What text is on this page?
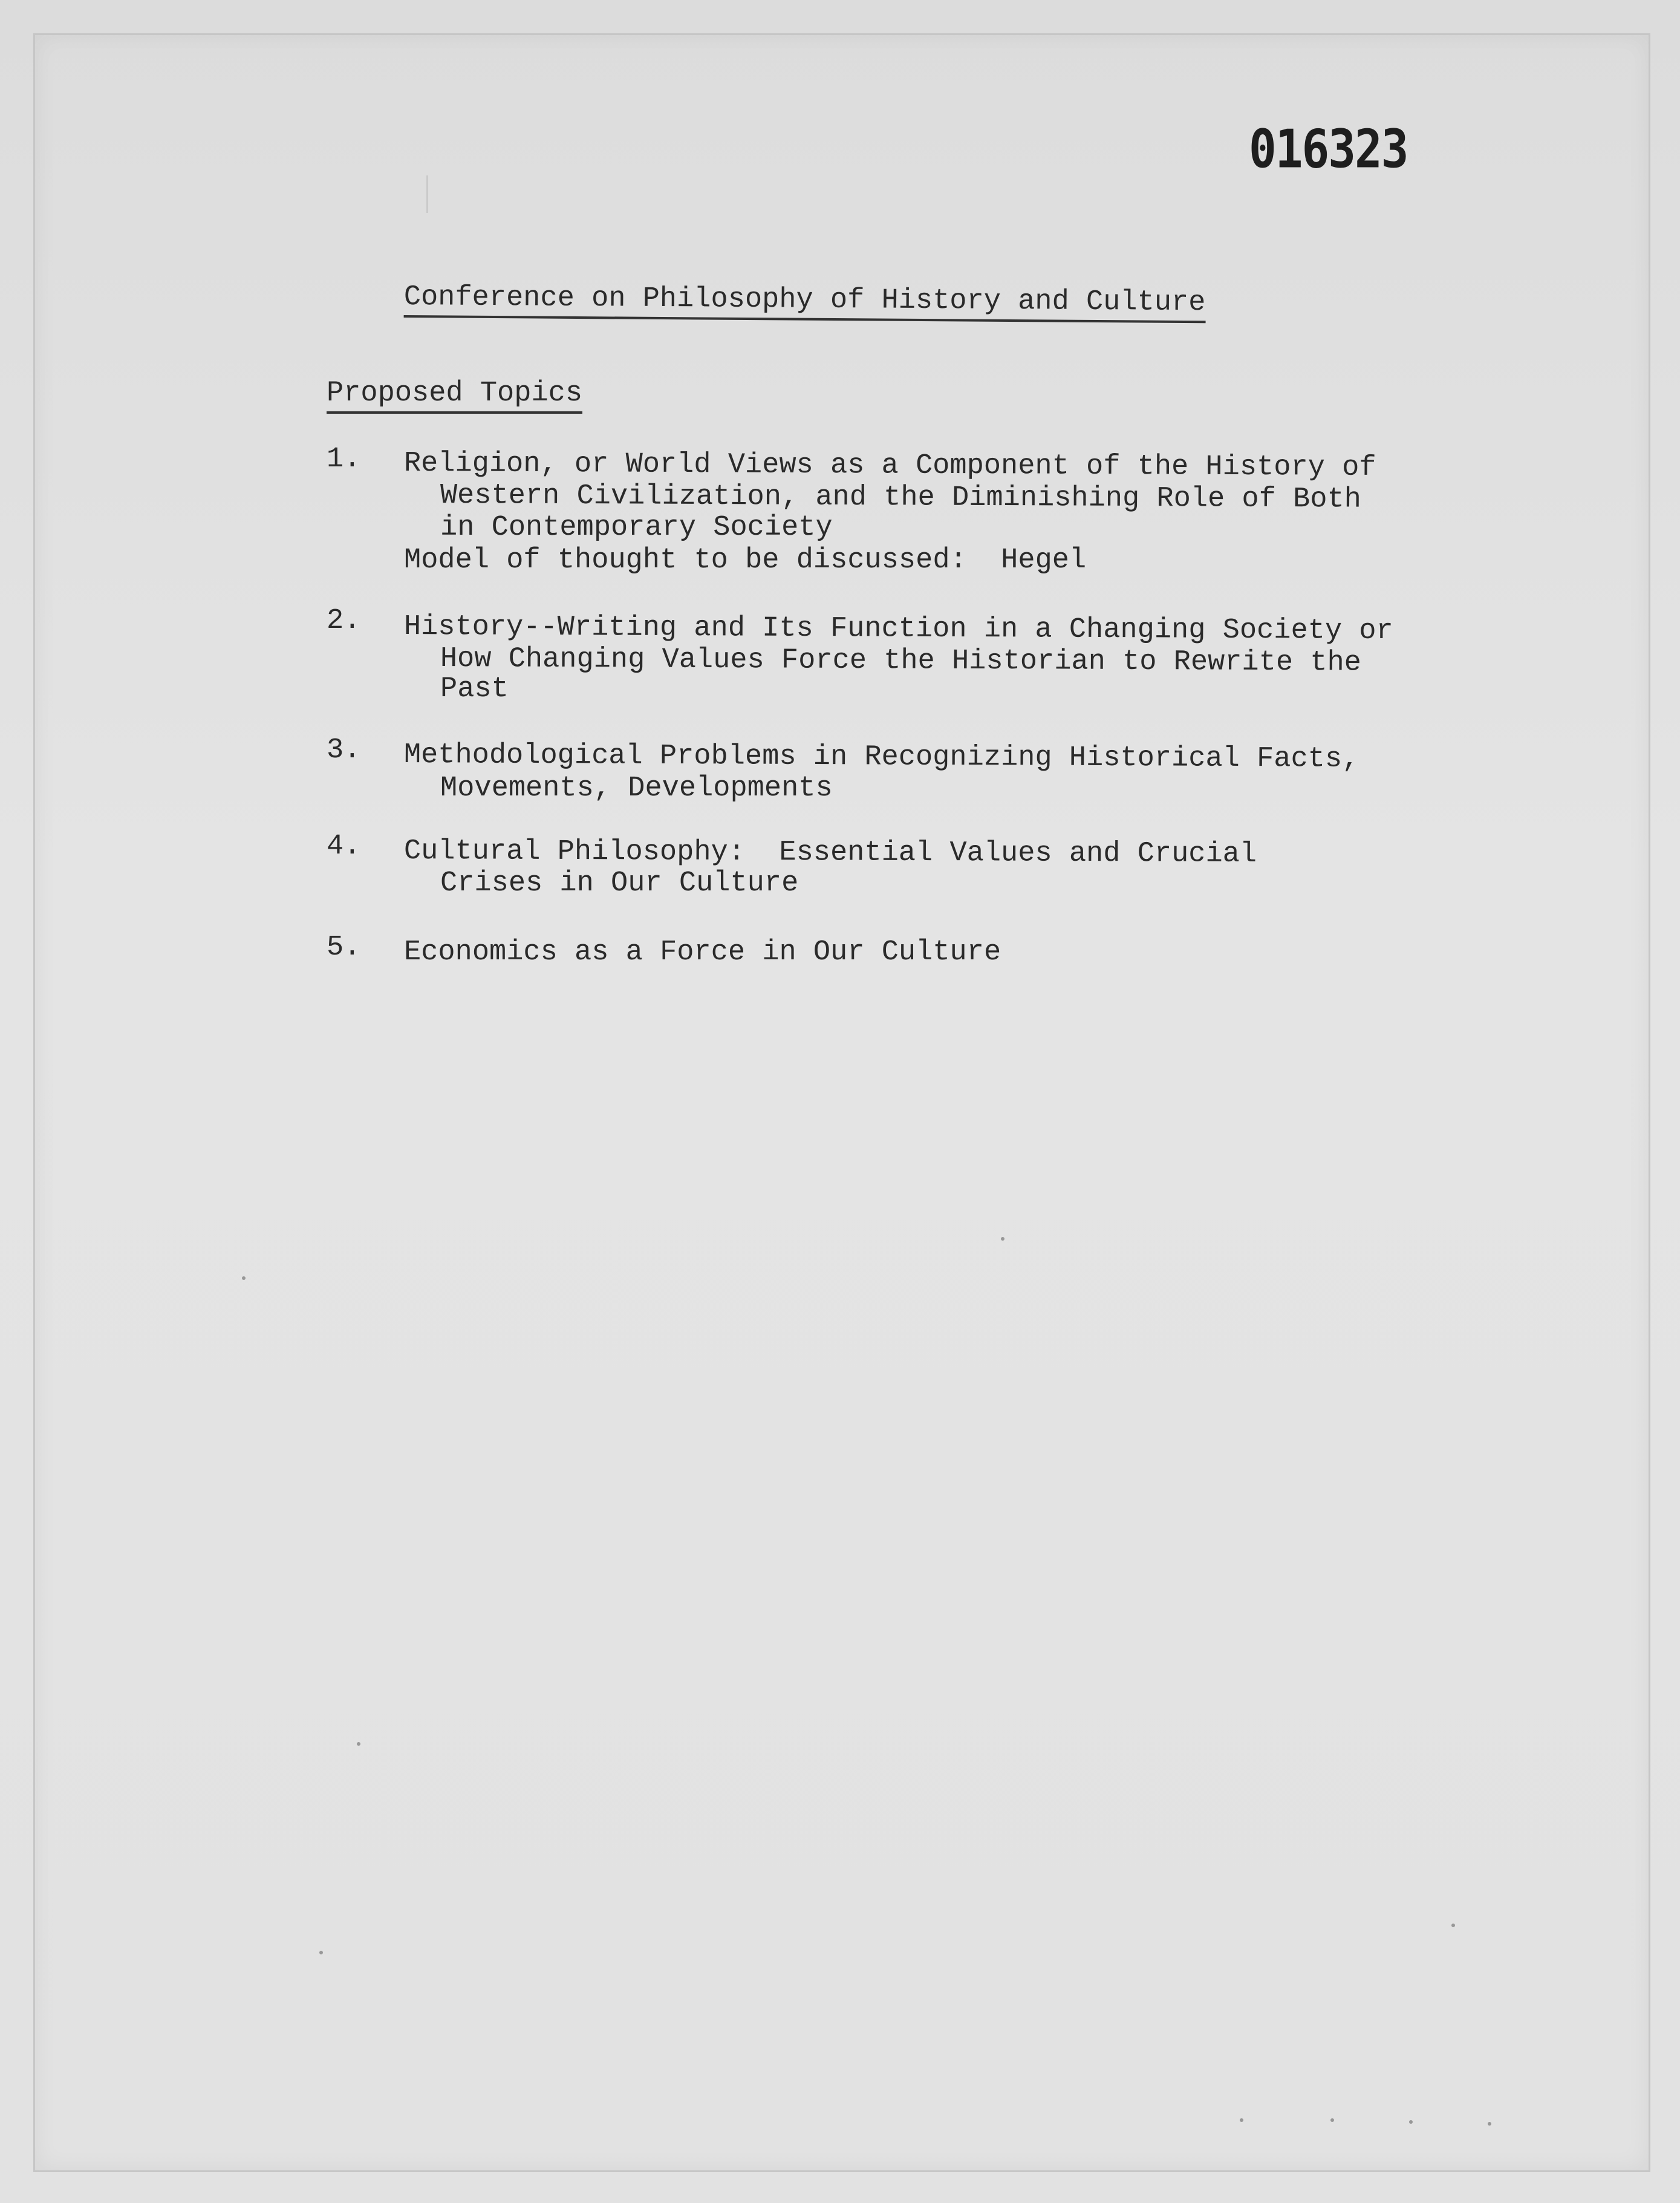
016323
Conference on Philosophy of History and Culture
Proposed Topics
1. Religion, or World Views as a Component of the History of
Western Civilization, and the Diminishing Role of Both
in Contemporary Society
Model of thought to be discussed:  Hegel
2. History--Writing and Its Function in a Changing Society or
How Changing Values Force the Historian to Rewrite the
Past
3. Methodological Problems in Recognizing Historical Facts,
Movements, Developments
4. Cultural Philosophy:  Essential Values and Crucial
Crises in Our Culture
5. Economics as a Force in Our Culture
